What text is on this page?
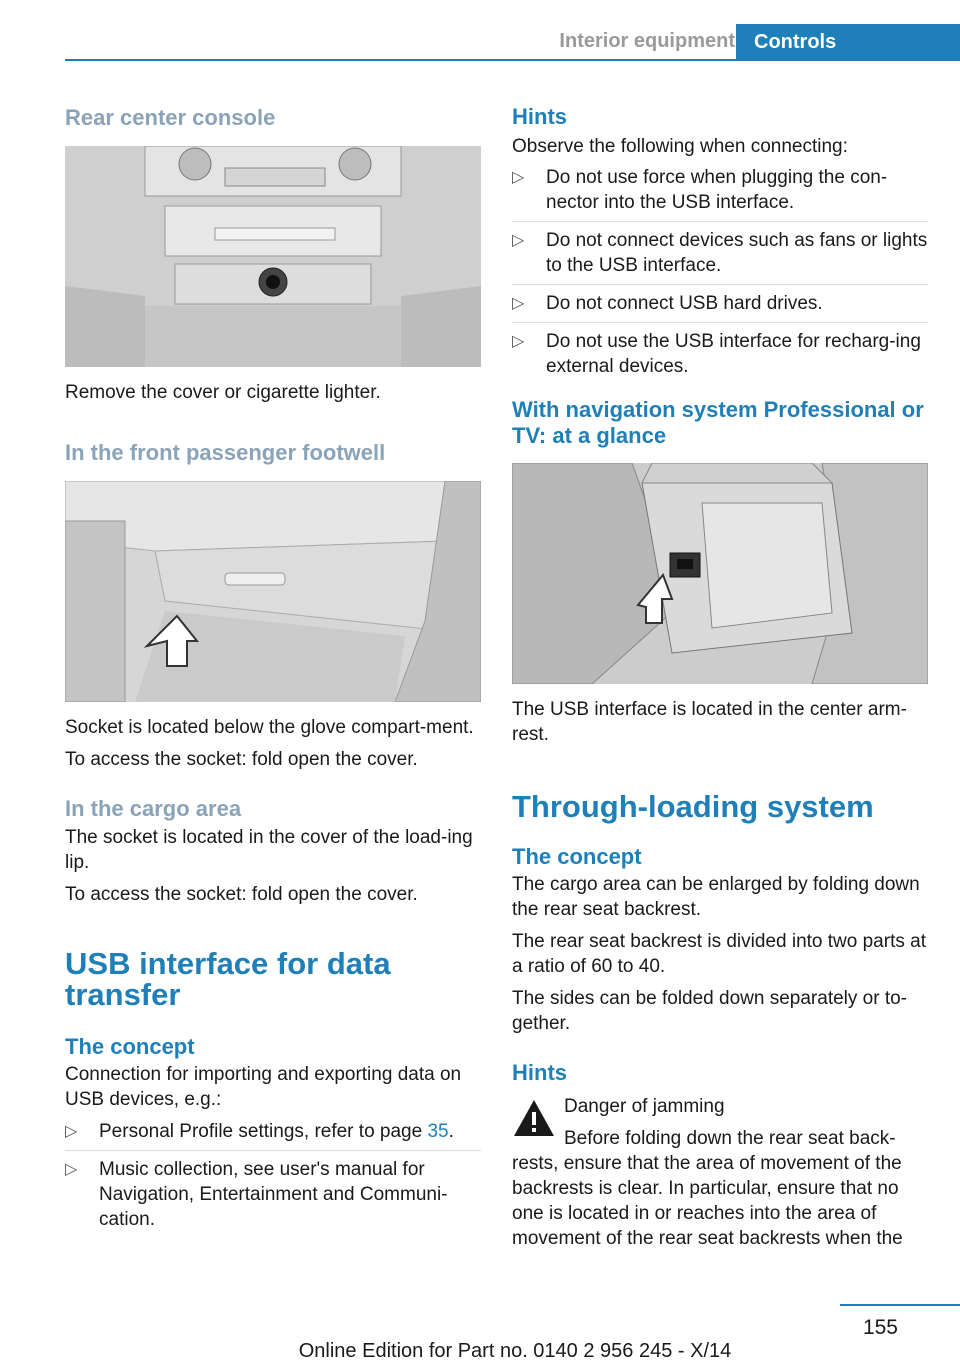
Interior equipment Controls
Rear center console
Remove the cover or cigarette lighter.
In the front passenger footwell
Socket is located below the glove compart‐ment.
To access the socket: fold open the cover.
In the cargo area
The socket is located in the cover of the load‐ing lip.
To access the socket: fold open the cover.
USB interface for data transfer
The concept
Connection for importing and exporting data on USB devices, e.g.:
▷ Personal Profile settings, refer to page 35.
▷ Music collection, see user's manual for Navigation, Entertainment and Communi‐cation.
Hints
Observe the following when connecting:
▷ Do not use force when plugging the con‐nector into the USB interface.
▷ Do not connect devices such as fans or lights to the USB interface.
▷ Do not connect USB hard drives.
▷ Do not use the USB interface for recharg‐ing external devices.
With navigation system Professional or TV: at a glance
The USB interface is located in the center arm‐rest.
Through-loading system
The concept
The cargo area can be enlarged by folding down the rear seat backrest.
The rear seat backrest is divided into two parts at a ratio of 60 to 40.
The sides can be folded down separately or to‐gether.
Hints
Danger of jamming
Before folding down the rear seat back‐rests, ensure that the area of movement of the backrests is clear. In particular, ensure that no one is located in or reaches into the area of movement of the rear seat backrests when the
155
Online Edition for Part no. 0140 2 956 245 - X/14
